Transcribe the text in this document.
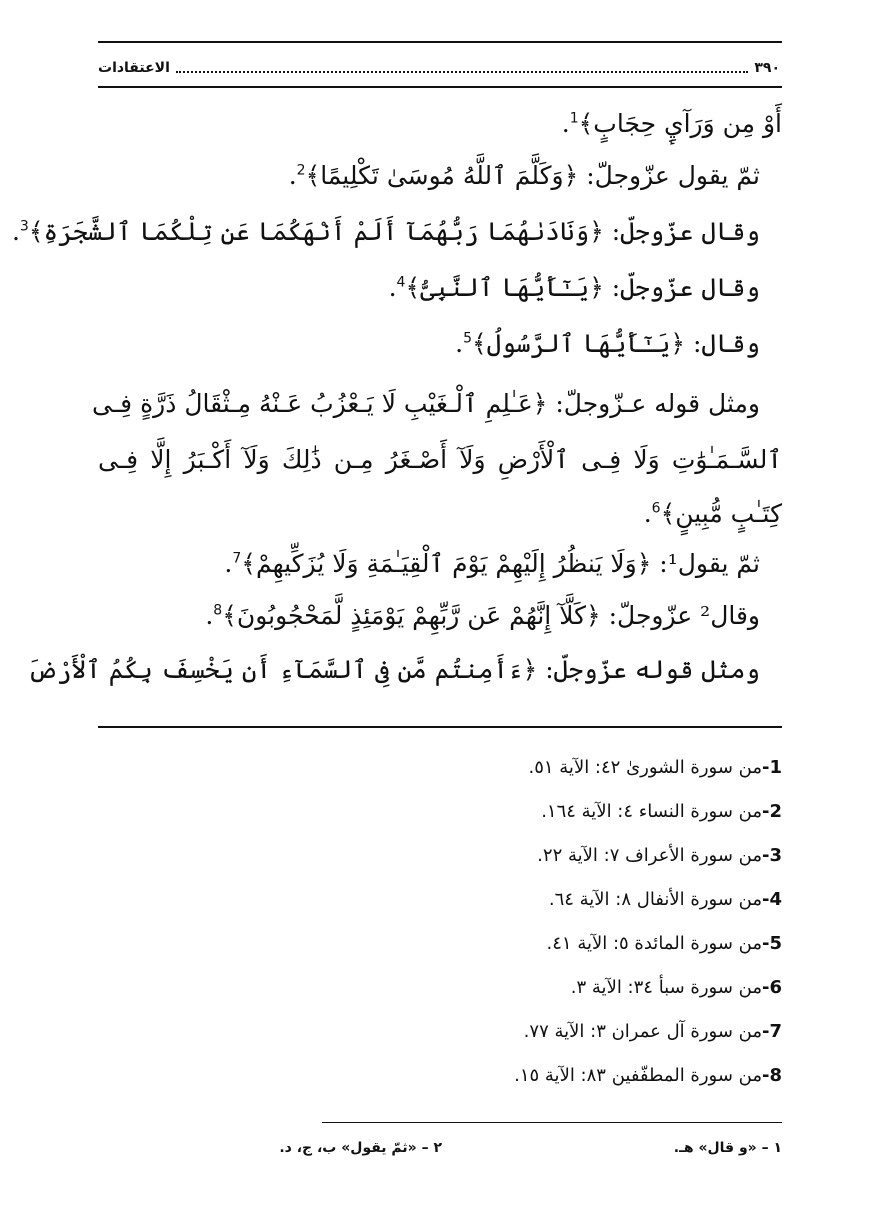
الاعتقادات	٣٩٠
أَوْ مِن وَرَآيِٕ حِجَابٍ﴾$^1$.
ثمّ يقول عزّوجلّ: ﴿وَكَلَّمَ ٱللَّهُ مُوسَىٰ تَكْلِيمًا﴾$^2$.
وقال عزّوجلّ: ﴿وَنَادَىٰهُمَا رَبُّهُمَآ أَلَمْ أَنْهَكُمَا عَن تِلْكُمَا ٱلشَّجَرَةِ﴾$^3$.
وقال عزّوجلّ: ﴿يَـٰٓأَيُّهَا ٱلنَّبِىُّ﴾$^4$.
وقال: ﴿يَـٰٓأَيُّهَا ٱلرَّسُولُ﴾$^5$.
ومثل قوله عـزّوجلّ: ﴿عَـٰلِمِ ٱلْـغَيْبِ لَا يَـعْزُبُ عَـنْهُ مِـثْقَالُ ذَرَّةٍ فِـى
ٱلسَّـمَـٰوَٰتِ وَلَا فِـى ٱلْأَرْضِ وَلَآ أَصْـغَرُ مِـن ذَٰلِكَ وَلَآ أَكْـبَرُ إِلَّا فِـى
كِتَـٰبٍ مُّبِينٍ﴾$^6$.
ثمّ يقول¹: ﴿وَلَا يَنظُرُ إِلَيْهِمْ يَوْمَ ٱلْقِيَـٰمَةِ وَلَا يُزَكِّيهِمْ﴾$^7$.
وقال² عزّوجلّ: ﴿كَلَّآ إِنَّهُمْ عَن رَّبِّهِمْ يَوْمَئِذٍ لَّمَحْجُوبُونَ﴾$^8$.
ومثل قوله عزّوجلّ: ﴿ءَأَمِنتُم مَّن فِى ٱلسَّمَآءِ أَن يَخْسِفَ بِكُمُ ٱلْأَرْضَ
1-من سورة الشورىٰ ٤٢: الآية ٥١.
2-من سورة النساء ٤: الآية ١٦٤.
3-من سورة الأعراف ٧: الآية ٢٢.
4-من سورة الأنفال ٨: الآية ٦٤.
5-من سورة المائدة ٥: الآية ٤١.
6-من سورة سبأ ٣٤: الآية ٣.
7-من سورة آل عمران ٣: الآية ٧٧.
8-من سورة المطفّفين ٨٣: الآية ١٥.
١ – «و قال» هـ.
٢ – «ثمّ يقول» ب، ج، د.
